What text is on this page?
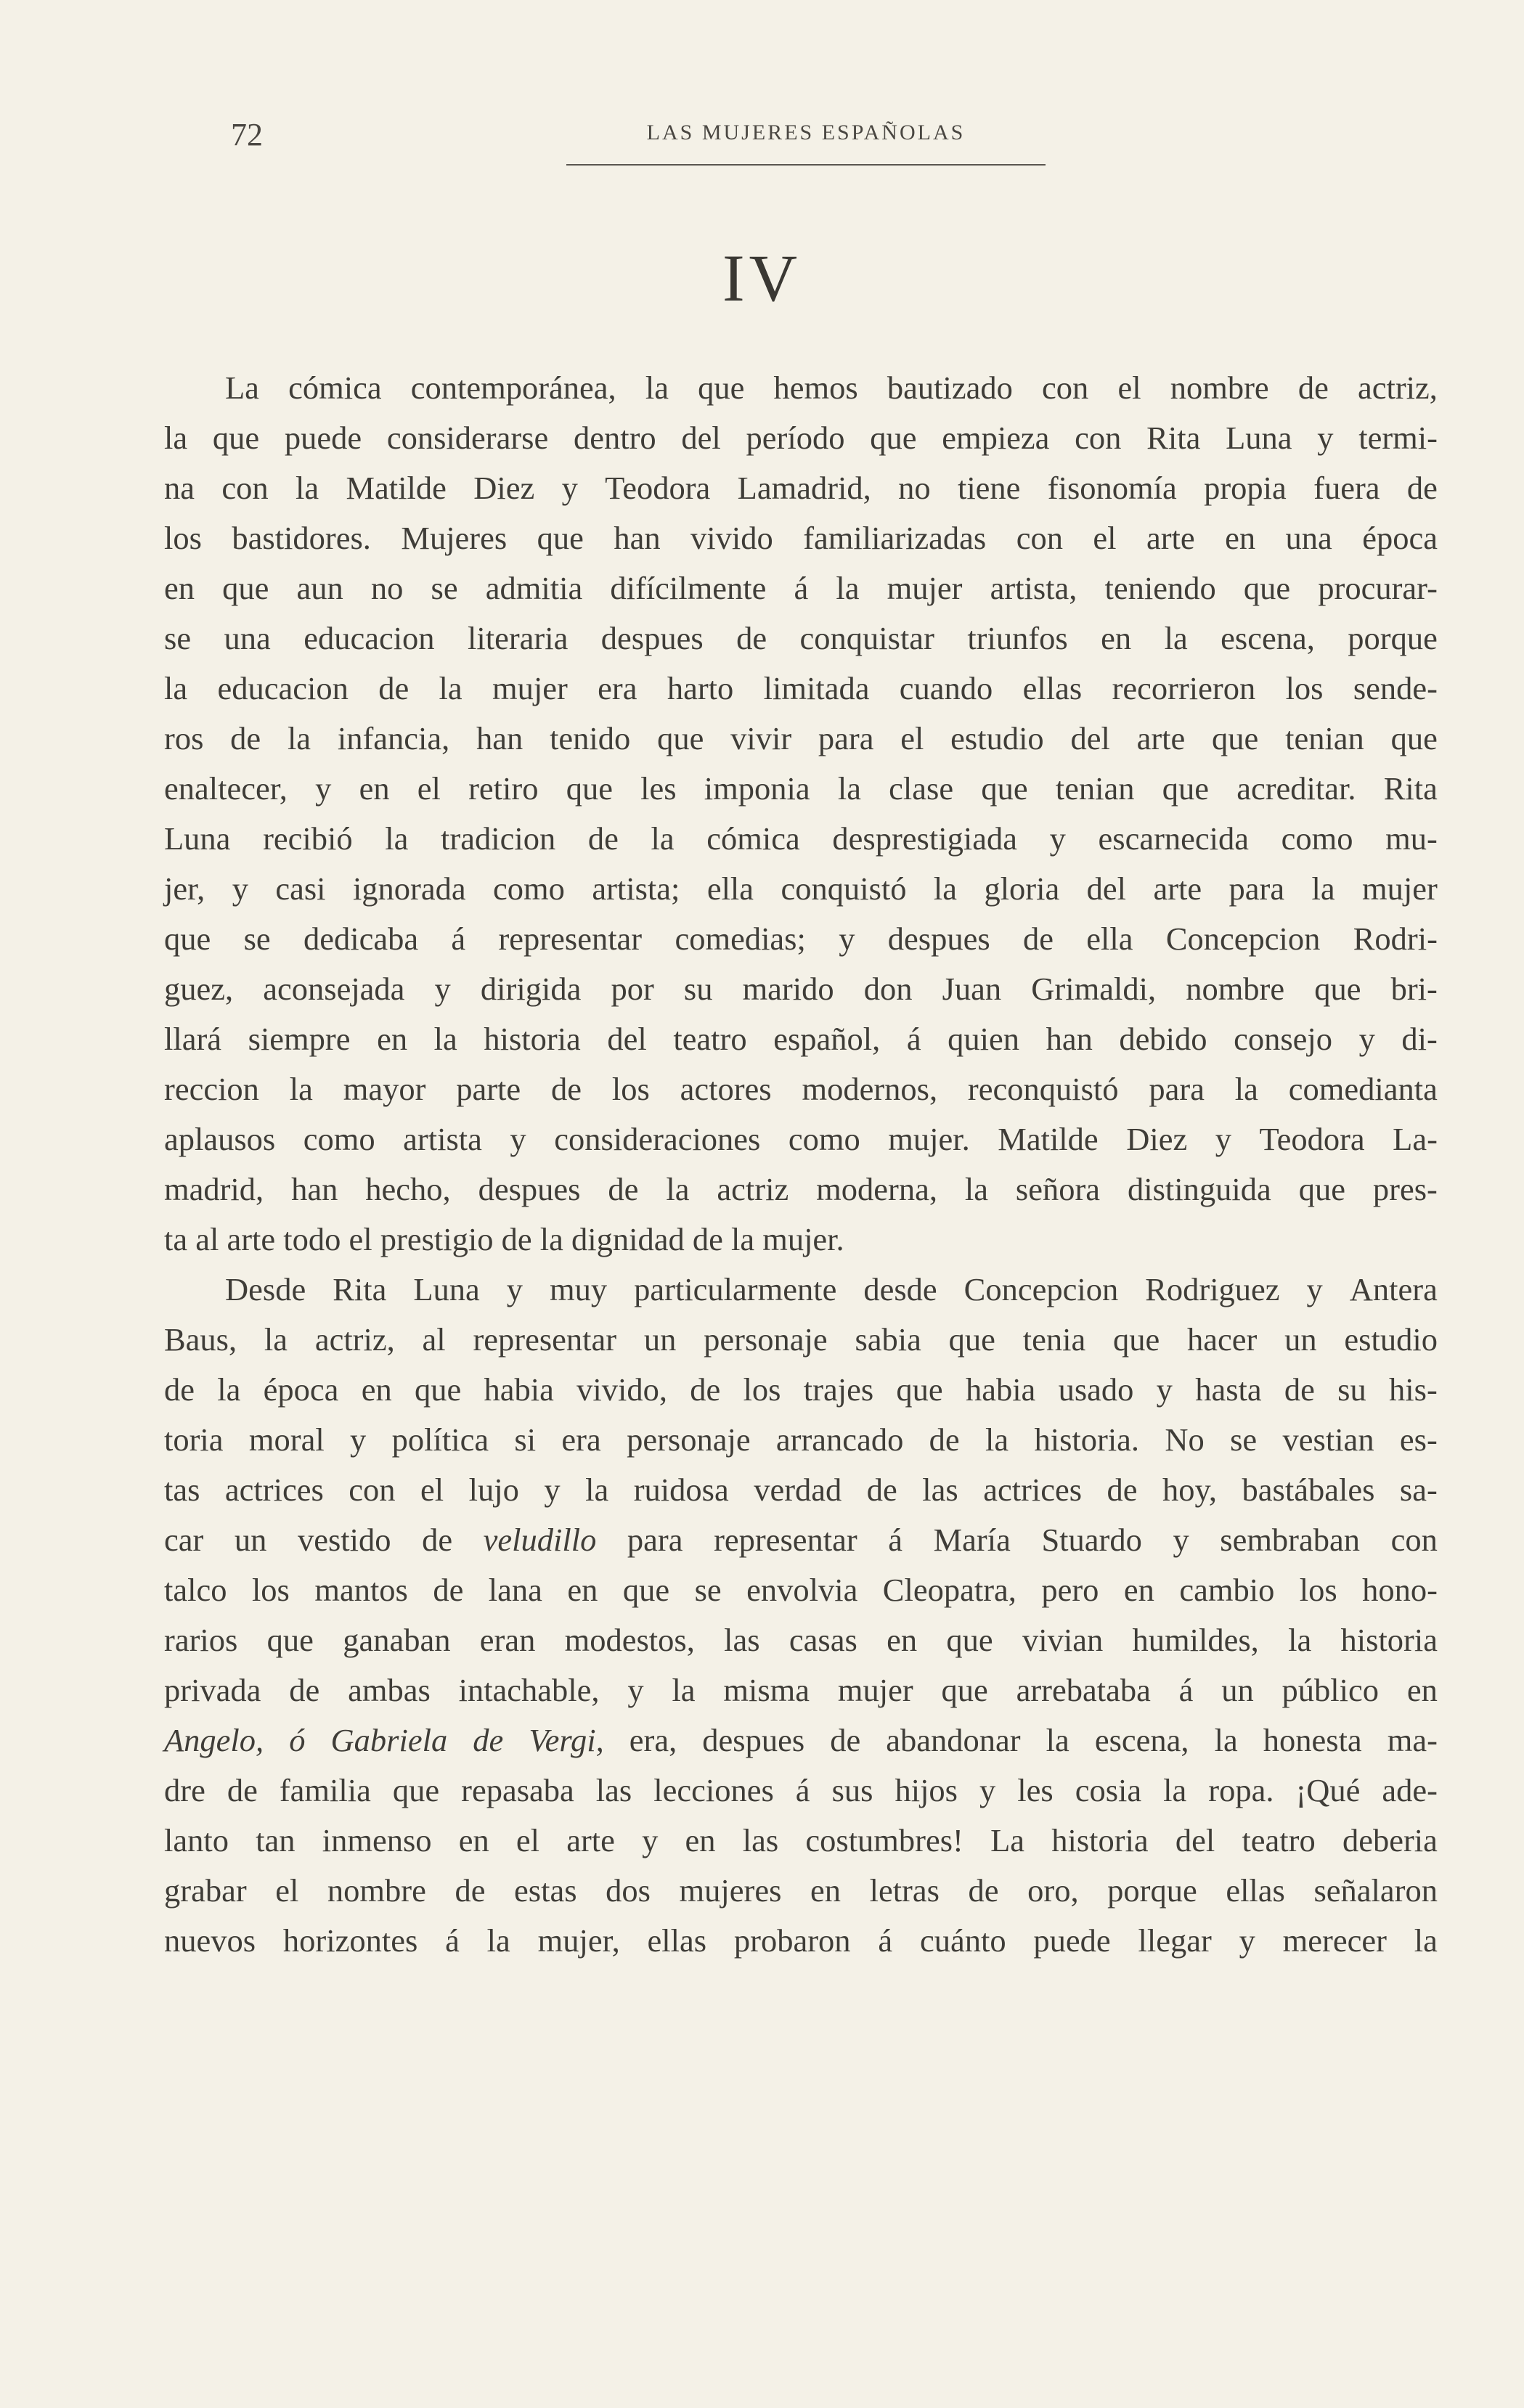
72	LAS MUJERES ESPAÑOLAS
IV
La cómica contemporánea, la que hemos bautizado con el nombre de actriz,
la que puede considerarse dentro del período que empieza con Rita Luna y termi-
na con la Matilde Diez y Teodora Lamadrid, no tiene fisonomía propia fuera de
los bastidores. Mujeres que han vivido familiarizadas con el arte en una época
en que aun no se admitia difícilmente á la mujer artista, teniendo que procurar-
se una educacion literaria despues de conquistar triunfos en la escena, porque
la educacion de la mujer era harto limitada cuando ellas recorrieron los sende-
ros de la infancia, han tenido que vivir para el estudio del arte que tenian que
enaltecer, y en el retiro que les imponia la clase que tenian que acreditar. Rita
Luna recibió la tradicion de la cómica desprestigiada y escarnecida como mu-
jer, y casi ignorada como artista; ella conquistó la gloria del arte para la mujer
que se dedicaba á representar comedias; y despues de ella Concepcion Rodri-
guez, aconsejada y dirigida por su marido don Juan Grimaldi, nombre que bri-
llará siempre en la historia del teatro español, á quien han debido consejo y di-
reccion la mayor parte de los actores modernos, reconquistó para la comedianta
aplausos como artista y consideraciones como mujer. Matilde Diez y Teodora La-
madrid, han hecho, despues de la actriz moderna, la señora distinguida que pres-
ta al arte todo el prestigio de la dignidad de la mujer.
Desde Rita Luna y muy particularmente desde Concepcion Rodriguez y Antera
Baus, la actriz, al representar un personaje sabia que tenia que hacer un estudio
de la época en que habia vivido, de los trajes que habia usado y hasta de su his-
toria moral y política si era personaje arrancado de la historia. No se vestian es-
tas actrices con el lujo y la ruidosa verdad de las actrices de hoy, bastábales sa-
car un vestido de veludillo para representar á María Stuardo y sembraban con
talco los mantos de lana en que se envolvia Cleopatra, pero en cambio los hono-
rarios que ganaban eran modestos, las casas en que vivian humildes, la historia
privada de ambas intachable, y la misma mujer que arrebataba á un público en
Angelo, ó Gabriela de Vergi, era, despues de abandonar la escena, la honesta ma-
dre de familia que repasaba las lecciones á sus hijos y les cosia la ropa. ¡Qué ade-
lanto tan inmenso en el arte y en las costumbres! La historia del teatro deberia
grabar el nombre de estas dos mujeres en letras de oro, porque ellas señalaron
nuevos horizontes á la mujer, ellas probaron á cuánto puede llegar y merecer la
